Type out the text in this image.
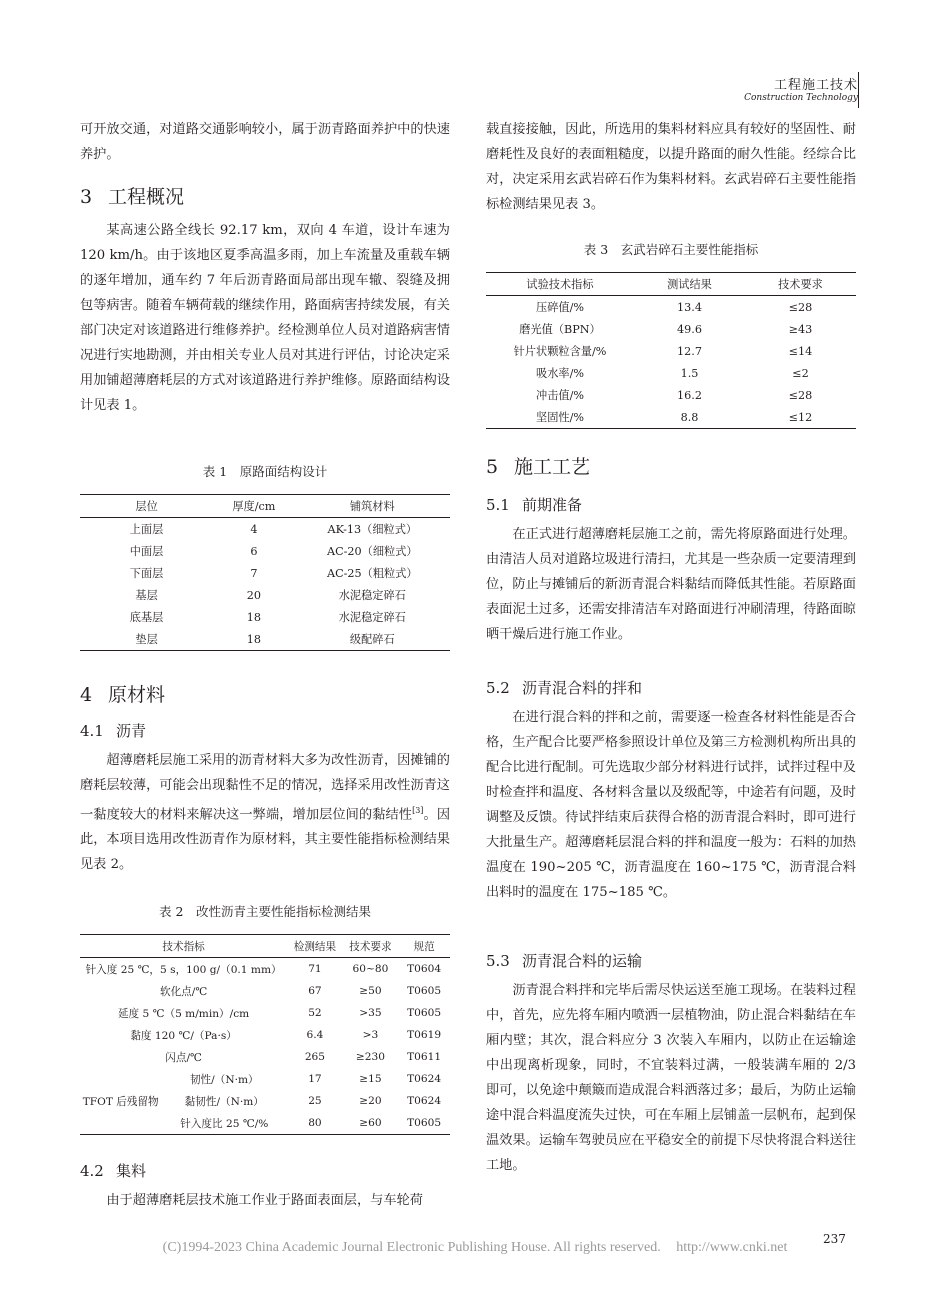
工程施工技术
Construction Technology

可开放交通，对道路交通影响较小，属于沥青路面养护中的快速养护。

3 工程概况

某高速公路全线长 92.17 km，双向 4 车道，设计车速为 120 km/h。由于该地区夏季高温多雨，加上车流量及重载车辆的逐年增加，通车约 7 年后沥青路面局部出现车辙、裂缝及拥包等病害。随着车辆荷载的继续作用，路面病害持续发展，有关部门决定对该道路进行维修养护。经检测单位人员对道路病害情况进行实地勘测，并由相关专业人员对其进行评估，讨论决定采用加铺超薄磨耗层的方式对该道路进行养护维修。原路面结构设计见表 1。

表 1　原路面结构设计
层位	厚度/cm	铺筑材料
上面层	4	AK-13（细粒式）
中面层	6	AC-20（细粒式）
下面层	7	AC-25（粗粒式）
基层	20	水泥稳定碎石
底基层	18	水泥稳定碎石
垫层	18	级配碎石
4 原材料
4.1 沥青

超薄磨耗层施工采用的沥青材料大多为改性沥青，因摊铺的磨耗层较薄，可能会出现黏性不足的情况，选择采用改性沥青这一黏度较大的材料来解决这一弊端，增加层位间的黏结性[3]。因此，本项目选用改性沥青作为原材料，其主要性能指标检测结果见表 2。

表 2　改性沥青主要性能指标检测结果
技术指标		检测结果	技术要求	规范
针入度 25 ℃，5 s，100 g/（0.1 mm）		71	60~80	T0604
软化点/℃		67	≥50	T0605
延度 5 ℃（5 m/min）/cm		52	>35	T0605
黏度 120 ℃/（Pa·s）		6.4	>3	T0619
闪点/℃		265	≥230	T0611
TFOT 后残留物	韧性/（N·m）	17	≥15	T0624
	黏韧性/（N·m）	25	≥20	T0624
	针入度比 25 ℃/%	80	≥60	T0605
4.2 集料

由于超薄磨耗层技术施工作业于路面表面层，与车轮荷

载直接接触，因此，所选用的集料材料应具有较好的坚固性、耐磨耗性及良好的表面粗糙度，以提升路面的耐久性能。经综合比对，决定采用玄武岩碎石作为集料材料。玄武岩碎石主要性能指标检测结果见表 3。

表 3　玄武岩碎石主要性能指标
试验技术指标	测试结果	技术要求
压碎值/%	13.4	≤28
磨光值（BPN）	49.6	≥43
针片状颗粒含量/%	12.7	≤14
吸水率/%	1.5	≤2
冲击值/%	16.2	≤28
坚固性/%	8.8	≤12
5 施工工艺
5.1 前期准备

在正式进行超薄磨耗层施工之前，需先将原路面进行处理。由清洁人员对道路垃圾进行清扫，尤其是一些杂质一定要清理到位，防止与摊铺后的新沥青混合料黏结而降低其性能。若原路面表面泥土过多，还需安排清洁车对路面进行冲刷清理，待路面晾晒干燥后进行施工作业。

5.2 沥青混合料的拌和

在进行混合料的拌和之前，需要逐一检查各材料性能是否合格，生产配合比要严格参照设计单位及第三方检测机构所出具的配合比进行配制。可先选取少部分材料进行试拌，试拌过程中及时检查拌和温度、各材料含量以及级配等，中途若有问题，及时调整及反馈。待试拌结束后获得合格的沥青混合料时，即可进行大批量生产。超薄磨耗层混合料的拌和温度一般为：石料的加热温度在 190~205 ℃，沥青温度在 160~175 ℃，沥青混合料出料时的温度在 175~185 ℃。

5.3 沥青混合料的运输

沥青混合料拌和完毕后需尽快运送至施工现场。在装料过程中，首先，应先将车厢内喷洒一层植物油，防止混合料黏结在车厢内壁；其次，混合料应分 3 次装入车厢内，以防止在运输途中出现离析现象，同时，不宜装料过满，一般装满车厢的 2/3 即可，以免途中颠簸而造成混合料洒落过多；最后，为防止运输途中混合料温度流失过快，可在车厢上层铺盖一层帆布，起到保温效果。运输车驾驶员应在平稳安全的前提下尽快将混合料送往工地。

237
(C)1994-2023 China Academic Journal Electronic Publishing House. All rights reserved. http://www.cnki.net
